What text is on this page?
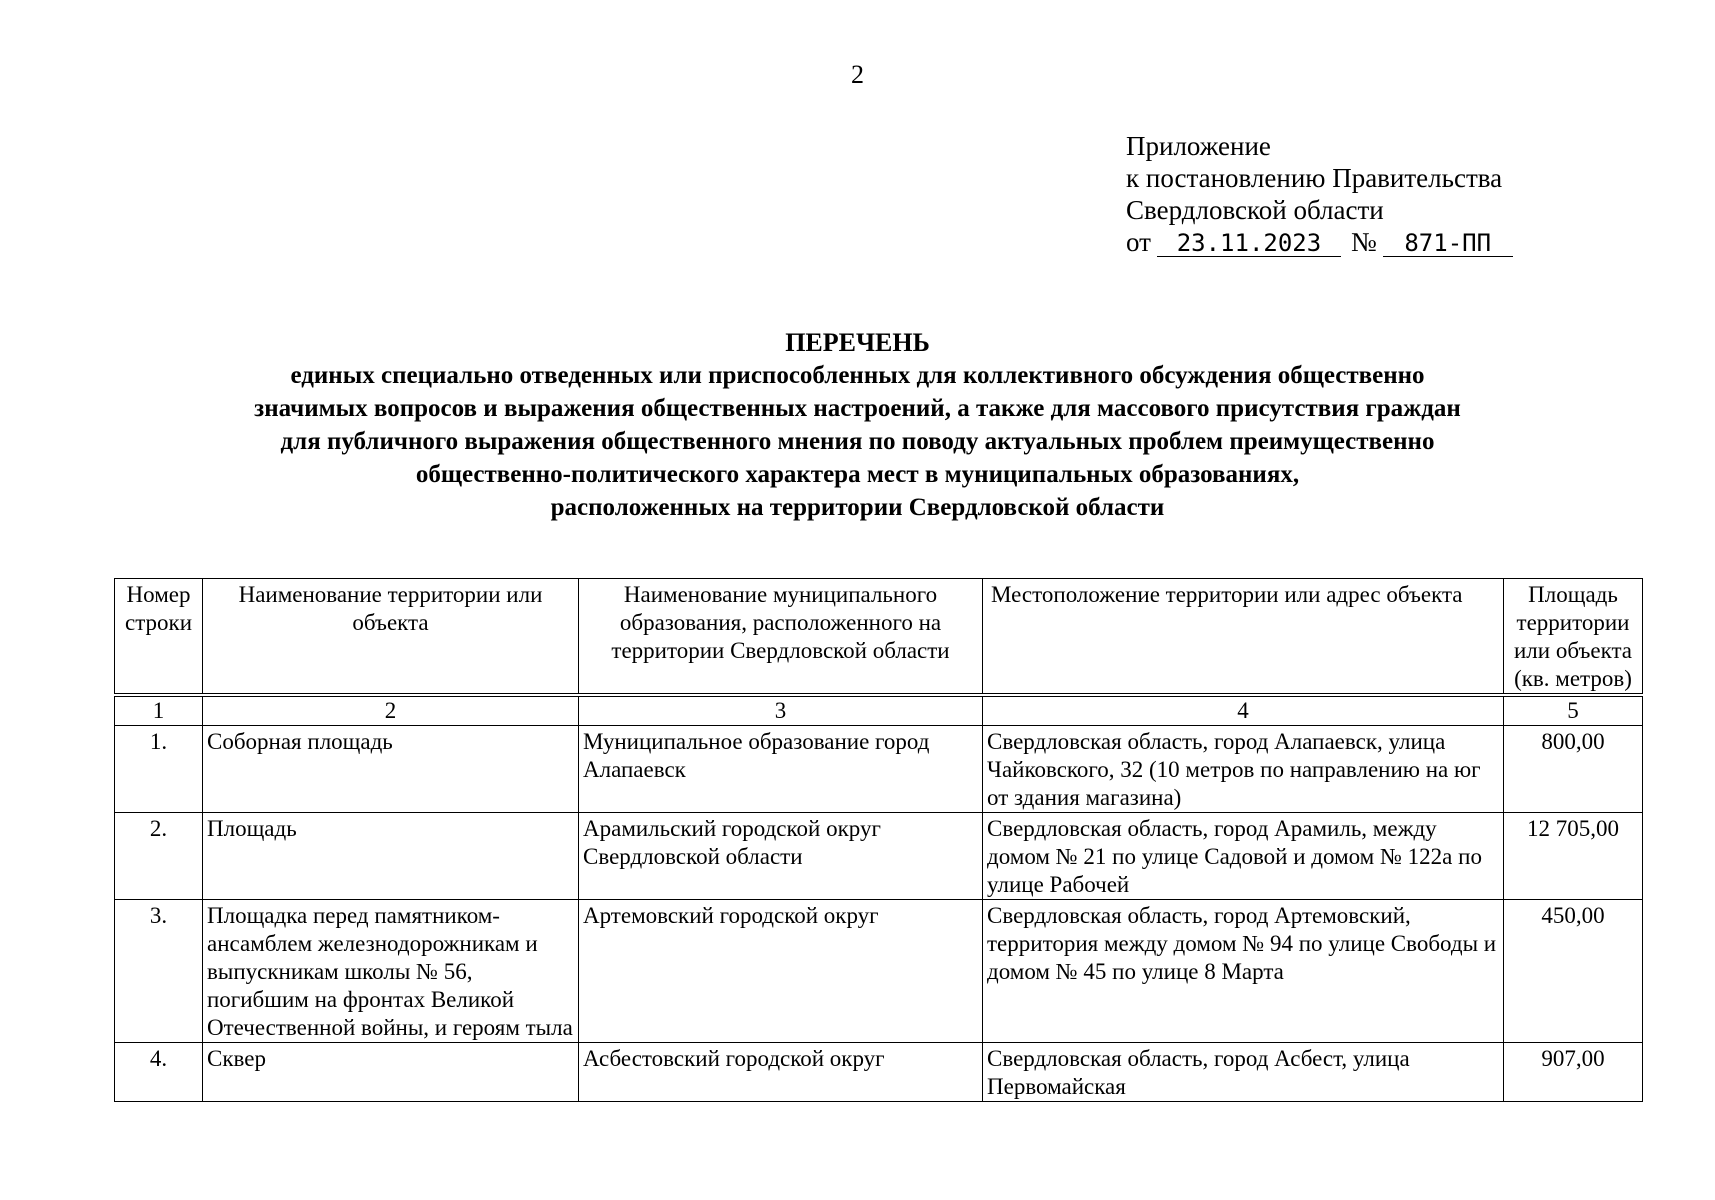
2
Приложение
к постановлению Правительства
Свердловской области
от 23.11.2023 № 871-ПП
ПЕРЕЧЕНЬ
единых специально отведенных или приспособленных для коллективного обсуждения общественно
значимых вопросов и выражения общественных настроений, а также для массового присутствия граждан
для публичного выражения общественного мнения по поводу актуальных проблем преимущественно
общественно-политического характера мест в муниципальных образованиях,
расположенных на территории Свердловской области
Номер строки	Наименование территории или объекта	Наименование муниципального образования, расположенного на территории Свердловской области	Местоположение территории или адрес объекта	Площадь территории или объекта (кв. метров)
1	2	3	4	5
1.	Соборная площадь	Муниципальное образование город Алапаевск	Свердловская область, город Алапаевск, улица Чайковского, 32 (10 метров по направлению на юг от здания магазина)	800,00
2.	Площадь	Арамильский городской округ Свердловской области	Свердловская область, город Арамиль, между домом № 21 по улице Садовой и домом № 122а по улице Рабочей	12 705,00
3.	Площадка перед памятником-ансамблем железнодорожникам и выпускникам школы № 56, погибшим на фронтах Великой Отечественной войны, и героям тыла	Артемовский городской округ	Свердловская область, город Артемовский, территория между домом № 94 по улице Свободы и домом № 45 по улице 8 Марта	450,00
4.	Сквер	Асбестовский городской округ	Свердловская область, город Асбест, улица Первомайская	907,00
